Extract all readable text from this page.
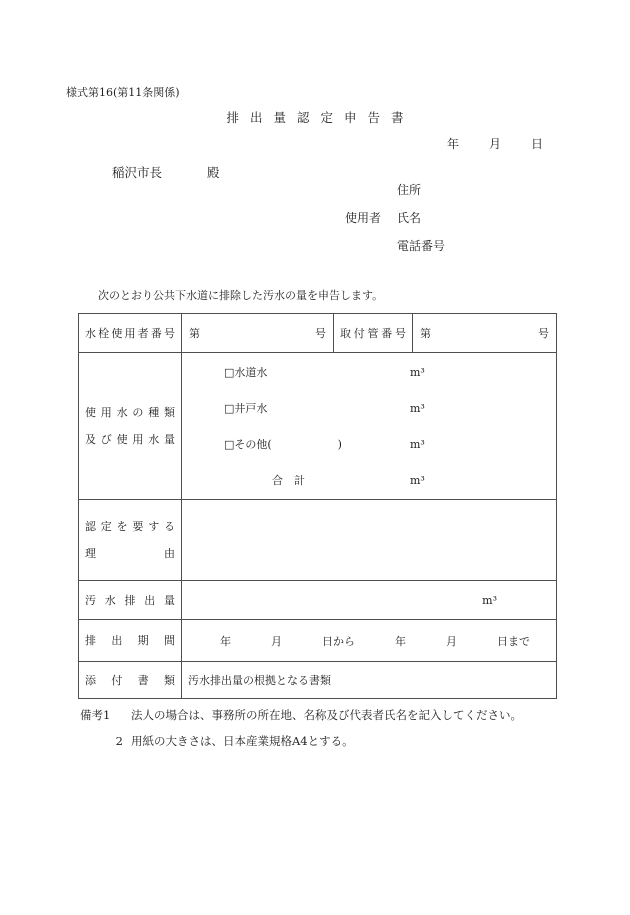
様式第16(第11条関係)
排出量認定申告書
年	月	日
稲沢市長	殿
住所
使用者	氏名
電話番号
次のとおり公共下水道に排除した汚水の量を申告します。
水栓使用者番号	第 号	取付管番号	第 号

使用水の種類
及び使用水量

□水道水	m³
□井戸水	m³
□その他(　　　　　　)	m³
合　計	m³

認定を要する
理由			

汚水排出量	m³		

排出期間	年	月	日から	年	月	日まで

添付書類	汚水排出量の根拠となる書類		
備考1	法人の場合は、事務所の所在地、名称及び代表者氏名を記入してください。
2 用紙の大きさは、日本産業規格A4とする。
